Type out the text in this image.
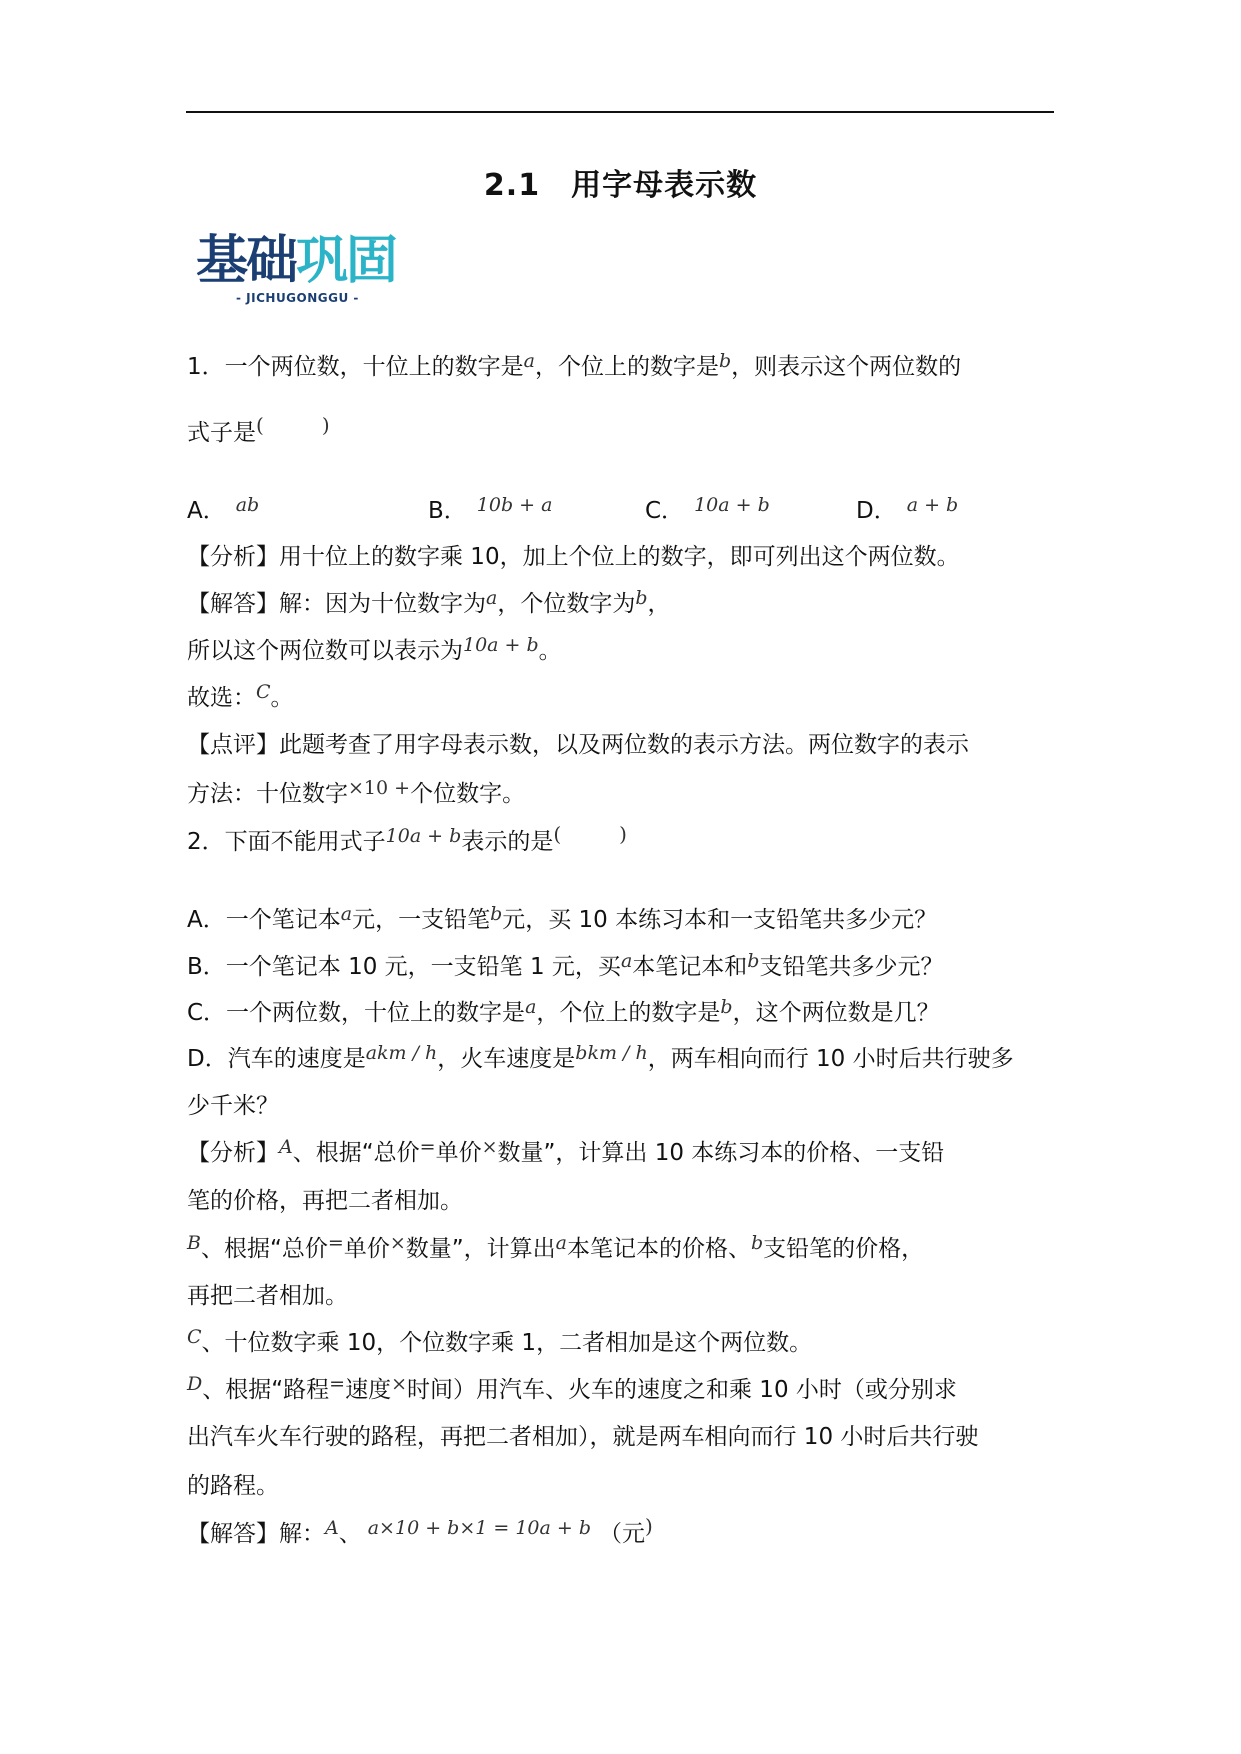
2.1　用字母表示数
基础巩固
- JICHUGONGGU -
1．一个两位数，十位上的数字是$^a$，个位上的数字是$^b$，则表示这个两位数的
式子是(	)
A． $^{ab}$	B． $^{10b + a}$	C． $^{10a + b}$	D． $^{a + b}$
【分析】用十位上的数字乘 10，加上个位上的数字，即可列出这个两位数。
【解答】解：因为十位数字为$^a$，个位数字为$^b$，
所以这个两位数可以表示为$^{10a + b}$。
故选：$^C$。
【点评】此题考查了用字母表示数，以及两位数的表示方法。两位数字的表示
方法：十位数字$^{\times 10 +}$个位数字。
2．下面不能用式子$^{10a + b}$表示的是(	)
A．一个笔记本$^a$元，一支铅笔$^b$元，买 10 本练习本和一支铅笔共多少元？
B．一个笔记本 10 元，一支铅笔 1 元，买$^a$本笔记本和$^b$支铅笔共多少元？
C．一个两位数，十位上的数字是$^a$，个位上的数字是$^b$，这个两位数是几？
D．汽车的速度是$^{akm / h}$，火车速度是$^{bkm / h}$，两车相向而行 10 小时后共行驶多
少千米？
【分析】$^A$、根据“总价=单价×数量”，计算出 10 本练习本的价格、一支铅
笔的价格，再把二者相加。
$^B$、根据“总价=单价×数量”，计算出$^a$本笔记本的价格、$^b$支铅笔的价格，
再把二者相加。
$^C$、十位数字乘 10，个位数字乘 1，二者相加是这个两位数。
$^D$、根据“路程=速度×时间）用汽车、火车的速度之和乘 10 小时（或分别求
出汽车火车行驶的路程，再把二者相加），就是两车相向而行 10 小时后共行驶
的路程。
【解答】解：$^A$、 $^{a\times 10 + b\times 1 = 10a + b}$ （元)
